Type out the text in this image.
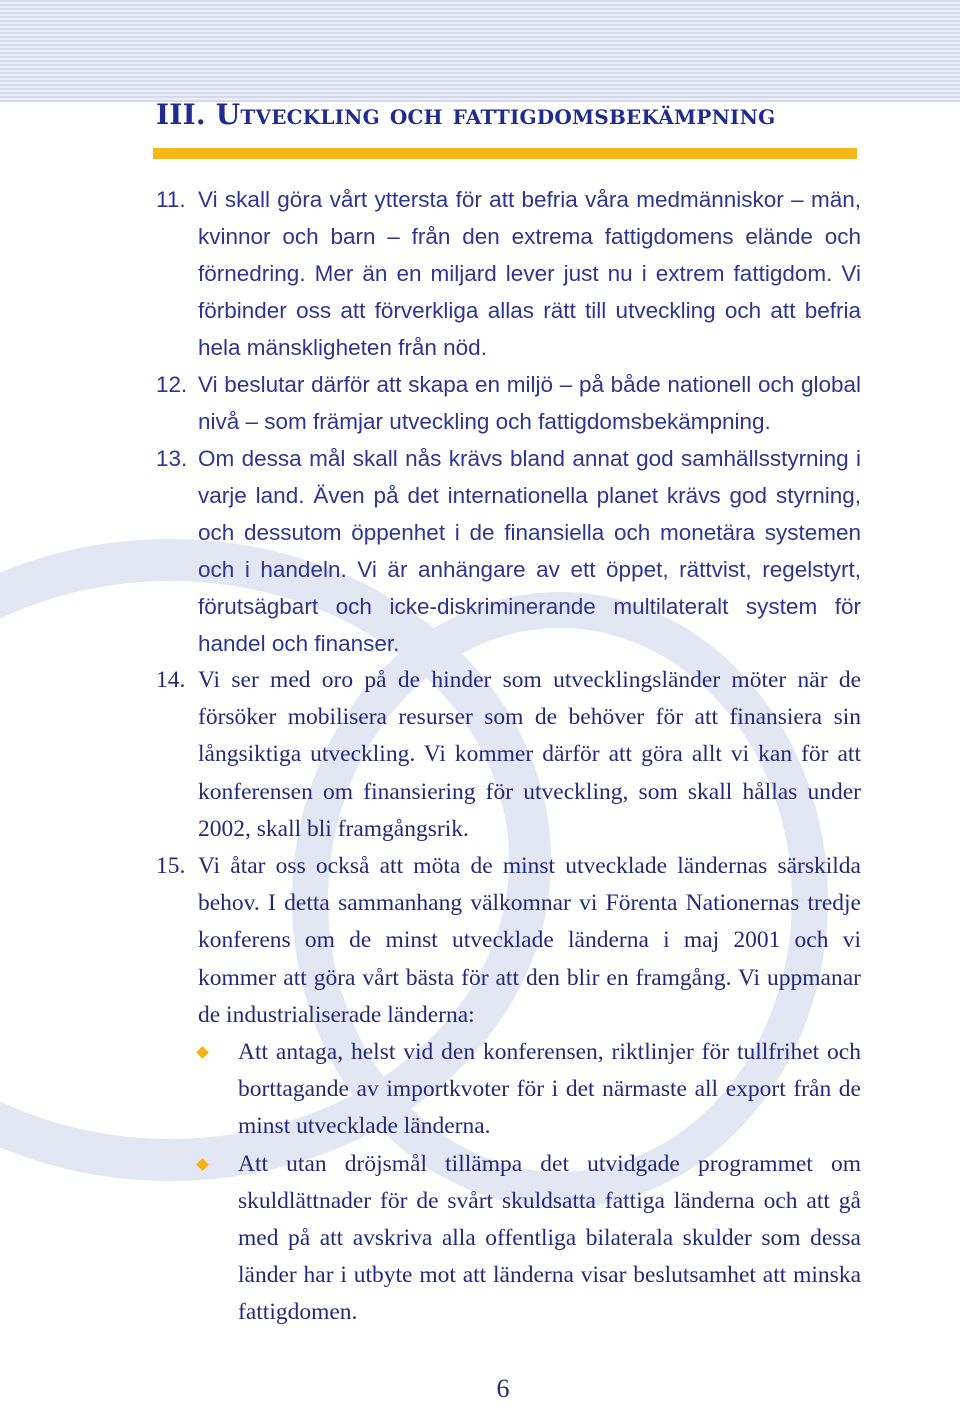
III. Utveckling och fattigdomsbekämpning

11. Vi skall göra vårt yttersta för att befria våra medmänniskor – män, kvinnor och barn – från den extrema fattigdomens elände och förnedring. Mer än en miljard lever just nu i extrem fattigdom. Vi förbinder oss att förverkliga allas rätt till utveckling och att befria hela mänskligheten från nöd.

12. Vi beslutar därför att skapa en miljö – på både nationell och global nivå – som främjar utveckling och fattigdomsbekämpning.

13. Om dessa mål skall nås krävs bland annat god samhällsstyrning i varje land. Även på det internationella planet krävs god styrning, och dessutom öppenhet i de finansiella och monetära systemen och i handeln. Vi är anhängare av ett öppet, rättvist, regelstyrt, förutsägbart och icke-diskriminerande multilateralt system för handel och finanser.

14. Vi ser med oro på de hinder som utvecklingsländer möter när de försöker mobilisera resurser som de behöver för att finansiera sin långsiktiga utveckling. Vi kommer därför att göra allt vi kan för att konferensen om finansiering för utveckling, som skall hållas under 2002, skall bli framgångsrik.

15. Vi åtar oss också att möta de minst utvecklade ländernas särskilda behov. I detta sammanhang välkomnar vi Förenta Nationernas tredje konferens om de minst utvecklade länderna i maj 2001 och vi kommer att göra vårt bästa för att den blir en framgång. Vi uppmanar de industrialiserade länderna:

Att antaga, helst vid den konferensen, riktlinjer för tullfrihet och borttagande av importkvoter för i det närmaste all export från de minst utvecklade länderna.
Att utan dröjsmål tillämpa det utvidgade programmet om skuldlättnader för de svårt skuldsatta fattiga länderna och att gå med på att avskriva alla offentliga bilaterala skulder som dessa länder har i utbyte mot att länderna visar beslutsamhet att minska fattigdomen.
6
